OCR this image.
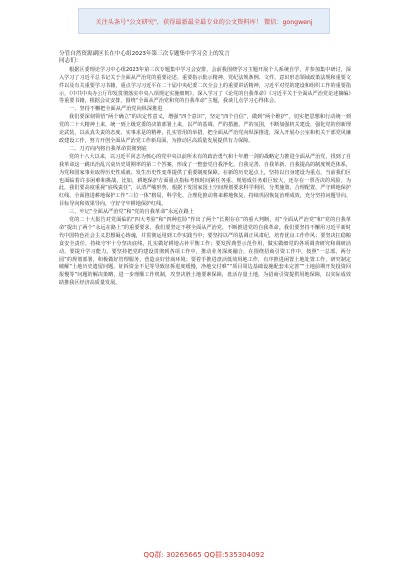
关注头条号"公文研究"，获得最新最全最专业的公文资料库！ 微信：gongwenj

分管自然资源副区长在中心组2023年第三次专题集中学习会上的发言

同志们：

根据区委理论学习中心组2023年第三次专题集中学习会安排，会前我围绕学习主题开展个人系统自学，并参加集中研讨，深入学习了习近平总书记关于全面从严治党的重要论述、重要指示批示精神、党纪法规条例、文件、意识形态领域政策法规和重要文件以及有关重要学习书籍，重点学习习近平在二十届中央纪委二次全会上的重要讲话精神，习近平对党的建设和组织工作的重要指示，《中共中央办公厅印发贯彻落实中央八项规定实施细则》，深入学习了《论党的自我革命》《习近平关于全面从严治党论述摘编》等重要书籍，根据会议安排，围绕“全面从严治党和党的自我革命”主题，我谈几点学习心得体会。

一、坚持不懈把全面从严治党向纵深推进

我们要深刻领悟“两个确立”的决定性意义，增强“四个意识”，坚定“四个自信”，做到“两个维护”，切实把思想和行动统一到党的二十大精神上来，统一到上级党委的决策部署上来，以严的基调、严的措施、严的氛围，不断加强机关建设，强化党的创新理论武装，以从真失责的态度、实事求是的精神，扎实管用的举措，把全面从严治党向纵深推进，深入开展办公室和机关干部党风廉政建设工作，努力开创全面从严治党工作新局面，为推动区高质量发展提供有力保障。

二、刀刃向内将自我革命贯彻到底

党的十八大以来，以习近平同志为核心的党中央以前所未有的政治勇气和十年磨一剑的战略定力推进全面从严治党，找到了自我革命这一跳出治乱兴衰历史周期率的第二个答案，形成了一整套党自我净化、自我完善、自我革新、自我提高的制度规范体系，为党和国家事业取得历史性成就、发生历史性变革提供了重要制度保障。在新的历史起点上，坚持以自身建设为重点，当前我们区也面临着许多困难和挑战，比如，耕地保护方面重点指标考核时间紧任务重、规划成任务艰巨较大，还存在一票否决的风险。为此，我们要高度重视“底线责任”，认清严峻形势，根据下发国家国土空间规划要求科学利用，分类施策，合理配置，严守耕地保护红线，全面推进耕地保护工作“三位一体”格局，科学化、合理化推动将来耕地恢复，持续巩固恢复治理成效，充分坚持问题导向、目标导向和效果导向，守好守牢耕地保护红线。

三、牢记“全面从严治党”和“党的自我革命”永远在路上

党的二十大报告对党面临的“四大考验”和“四种危险”作出了两个“长期存在”的重大判断，对“全面从严治党”和“党的自我革命”提出了两个“永远在路上”的重要要求，我们要坚定不移全面从严治党，不断推进党的自我革命。我们要坚持不懈用习近平新时代中国特色社会主义思想凝心铸魂，并贯彻运用到工作实践当中；要坚持以严的基调正风肃纪，培育优良工作作风；要坚决扛稳粮食安全责任，持续守牢十分坚决底线，扎实做好耕地占补平衡工作；要发挥典型示范作用，做实做细党的各项调查研究和调研活动，要提升学习能力。要坚持把党的建设贯彻到各项工作中，推动业务深度融合，在围绕招商引资工作中，按照“一总部、两分园”的规划部署，积极做好管理服务，营造良好营商环境；要着手推进盘活低效用地工作，有序推进闲置土地处置工作，研究制定破解“土地历史遗留问题、征拆资金不足等导致征拆进度缓慢，净地交付难”“项目周边基础设施配套未完善”“土地前期开发投资回报慢等”问题的解决策略，进一步理顺工作机制，攻坚决胜土地要素保障，盘活存量土地，为招商引资提供用地保障，以实际成效助推我区经济高质量发展。

QQ群: 30265665 QQ群:535304092
